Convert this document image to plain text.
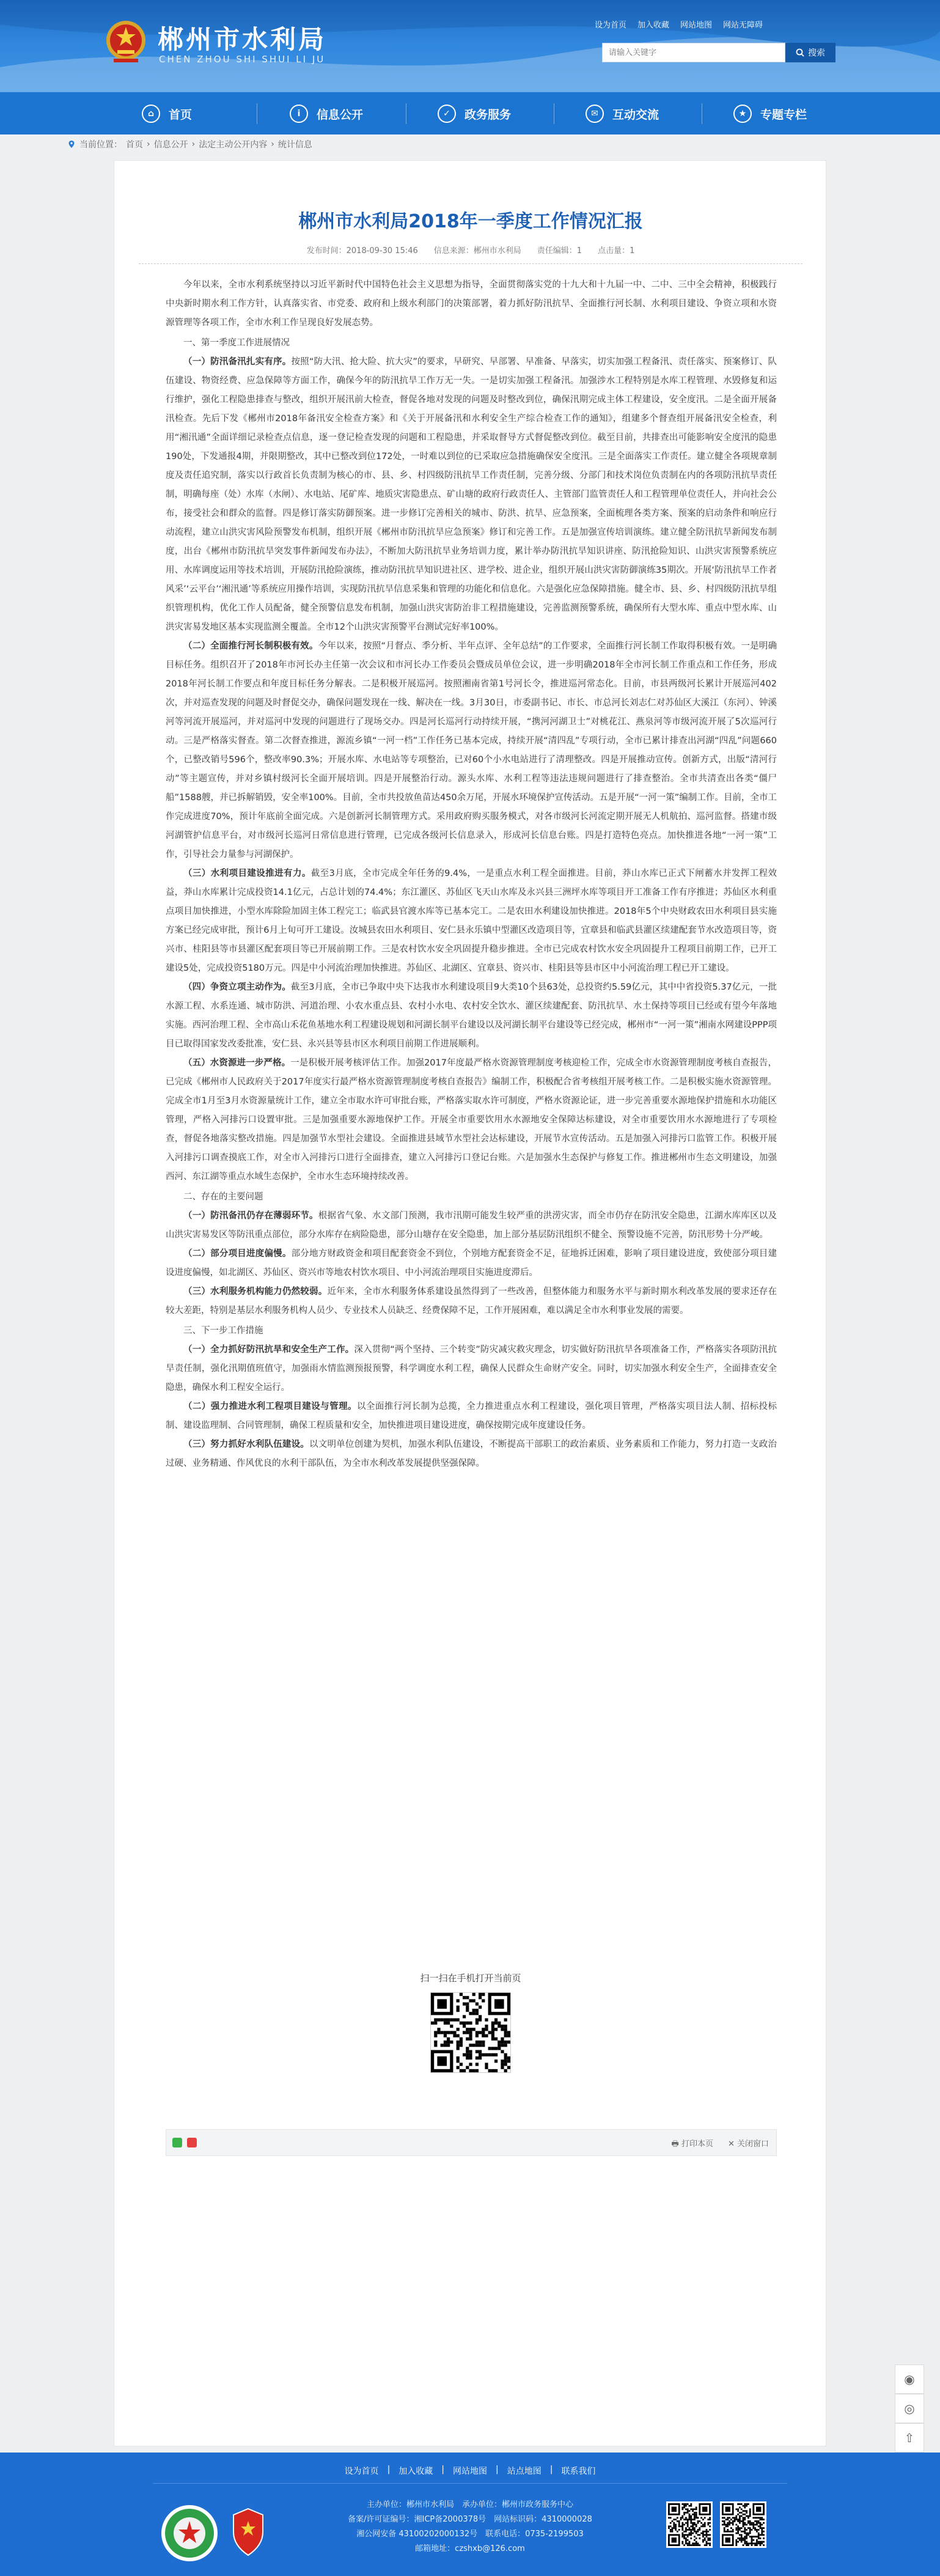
郴州市水利局
CHEN ZHOU SHI SHUI LI JU
设为首页 加入收藏 网站地图 网站无障碍
请输入关键字
搜索
⌂	首页	i	信息公开	✓	政务服务	✉	互动交流	★	专题专栏
当前位置： 首页 › 信息公开 › 法定主动公开内容 › 统计信息
郴州市水利局2018年一季度工作情况汇报
发布时间：2018-09-30 15:46 信息来源：郴州市水利局 责任编辑：1 点击量：1

今年以来，全市水利系统坚持以习近平新时代中国特色社会主义思想为指导，全面贯彻落实党的十九大和十九届一中、二中、三中全会精神，积极践行中央新时期水利工作方针，认真落实省、市党委、政府和上级水利部门的决策部署，着力抓好防汛抗旱、全面推行河长制、水利项目建设、争资立项和水资源管理等各项工作，全市水利工作呈现良好发展态势。

一、第一季度工作进展情况

（一）防汛备汛扎实有序。按照“防大汛、抢大险、抗大灾”的要求，早研究、早部署、早准备、早落实，切实加强工程备汛、责任落实、预案修订、队伍建设、物资经费、应急保障等方面工作，确保今年的防汛抗旱工作万无一失。一是切实加强工程备汛。加强涉水工程特别是水库工程管理、水毁修复和运行维护，强化工程隐患排查与整改，组织开展汛前大检查，督促各地对发现的问题及时整改到位，确保汛期完成主体工程建设，安全度汛。二是全面开展备汛检查。先后下发《郴州市2018年备汛安全检查方案》和《关于开展备汛和水利安全生产综合检查工作的通知》，组建多个督查组开展备汛安全检查，利用“湘汛通”全面详细记录检查点信息，逐一登记检查发现的问题和工程隐患，并采取督导方式督促整改到位。截至目前，共排查出可能影响安全度汛的隐患190处，下发通报4期，并限期整改，其中已整改到位172处，一时难以到位的已采取应急措施确保安全度汛。三是全面落实工作责任。建立健全各项规章制度及责任追究制，落实以行政首长负责制为核心的市、县、乡、村四级防汛抗旱工作责任制，完善分级、分部门和技术岗位负责制在内的各项防汛抗旱责任制，明确每座（处）水库（水闸）、水电站、尾矿库、地质灾害隐患点、矿山塘的政府行政责任人、主管部门监管责任人和工程管理单位责任人，并向社会公布，接受社会和群众的监督。四是修订落实防御预案。进一步修订完善相关的城市、防洪、抗旱、应急预案，全面梳理各类方案、预案的启动条件和响应行动流程，建立山洪灾害风险预警发布机制，组织开展《郴州市防汛抗旱应急预案》修订和完善工作。五是加强宣传培训演练。建立健全防汛抗旱新闻发布制度，出台《郴州市防汛抗旱突发事件新闻发布办法》，不断加大防汛抗旱业务培训力度，累计举办防汛抗旱知识讲座、防汛抢险知识、山洪灾害预警系统应用、水库调度运用等技术培训，开展防汛抢险演练，推动防汛抗旱知识进社区、进学校、进企业，组织开展山洪灾害防御演练35期次。开展‘防汛抗旱工作者风采’‘云平台’‘湘汛通’等系统应用操作培训，实现防汛抗旱信息采集和管理的功能化和信息化。六是强化应急保障措施。健全市、县、乡、村四级防汛抗旱组织管理机构，优化工作人员配备，健全预警信息发布机制，加强山洪灾害防治非工程措施建设，完善监测预警系统，确保所有大型水库、重点中型水库、山洪灾害易发地区基本实现监测全覆盖。全市12个山洪灾害预警平台测试完好率100%。

（二）全面推行河长制积极有效。今年以来，按照“月督点、季分析、半年点评、全年总结”的工作要求，全面推行河长制工作取得积极有效。一是明确目标任务。组织召开了2018年市河长办主任第一次会议和市河长办工作委员会暨成员单位会议，进一步明确2018年全市河长制工作重点和工作任务，形成2018年河长制工作要点和年度目标任务分解表。二是积极开展巡河。按照湘南省第1号河长令，推进巡河常态化。目前，市县两级河长累计开展巡河402次，并对巡查发现的问题及时督促交办，确保问题发现在一线、解决在一线。3月30日，市委副书记、市长、市总河长刘志仁对苏仙区大溪江（东河）、钟溪河等河流开展巡河，并对巡河中发现的问题进行了现场交办。四是河长巡河行动持续开展，“携河河湖卫士”对桃花江、燕泉河等市级河流开展了5次巡河行动。三是严格落实督查。第二次督查推进，源流乡镇“一河一档”工作任务已基本完成，持续开展“清四乱”专项行动，全市已累计排查出河湖“四乱”问题660个，已整改销号596个，整改率90.3%；开展水库、水电站等专项整治，已对60个小水电站进行了清理整改。四是开展推动宣传。创新方式，出版“清河行动”等主题宣传，并对乡镇村级河长全面开展培训。四是开展整治行动。源头水库、水利工程等违法违规问题进行了排查整治。全市共清查出各类“僵尸船”1588艘，并已拆解销毁，安全率100%。目前，全市共投放鱼苗达450余万尾，开展水环境保护宣传活动。五是开展“一河一策”编制工作。目前，全市工作完成进度70%，预计年底前全面完成。六是创新河长制管理方式。采用政府购买服务模式，对各市级河长河流定期开展无人机航拍、巡河监督。搭建市级河湖管护信息平台，对市级河长巡河日常信息进行管理，已完成各级河长信息录入，形成河长信息台账。四是打造特色亮点。加快推进各地“一河一策”工作，引导社会力量参与河湖保护。

（三）水利项目建设推进有力。截至3月底，全市完成全年任务的9.4%，一是重点水利工程全面推进。目前，莽山水库已正式下闸蓄水并发挥工程效益，莽山水库累计完成投资14.1亿元，占总计划的74.4%；东江灌区、苏仙区飞天山水库及永兴县三洲坪水库等项目开工准备工作有序推进；苏仙区水利重点项目加快推进，小型水库除险加固主体工程完工；临武县官渡水库等已基本完工。二是农田水利建设加快推进。2018年5个中央财政农田水利项目县实施方案已经完成审批，预计6月上旬可开工建设。汝城县农田水利项目、安仁县永乐镇中型灌区改造项目等，宜章县和临武县灌区续建配套节水改造项目等，资兴市、桂阳县等市县灌区配套项目等已开展前期工作。三是农村饮水安全巩固提升稳步推进。全市已完成农村饮水安全巩固提升工程项目前期工作，已开工建设5处，完成投资5180万元。四是中小河流治理加快推进。苏仙区、北湖区、宜章县、资兴市、桂阳县等县市区中小河流治理工程已开工建设。

（四）争资立项主动作为。截至3月底，全市已争取中央下达我市水利建设项目9大类10个县63处，总投资约5.59亿元，其中中省投资5.37亿元，一批水源工程、水系连通、城市防洪、河道治理、小农水重点县、农村小水电、农村安全饮水、灌区续建配套、防汛抗旱、水土保持等项目已经或有望今年落地实施。西河治理工程、全市高山禾花鱼基地水利工程建设规划和河湖长制平台建设以及河湖长制平台建设等已经完成，郴州市“一河一策”湘南水网建设PPP项目已取得国家发改委批准，安仁县、永兴县等县市区水利项目前期工作进展顺利。

（五）水资源进一步严格。一是积极开展考核评估工作。加强2017年度最严格水资源管理制度考核迎检工作，完成全市水资源管理制度考核自查报告，已完成《郴州市人民政府关于2017年度实行最严格水资源管理制度考核自查报告》编制工作，积极配合省考核组开展考核工作。二是积极实施水资源管理。完成全市1月至3月水资源量统计工作，建立全市取水许可审批台账，严格落实取水许可制度，严格水资源论证，进一步完善重要水源地保护措施和水功能区管理，严格入河排污口设置审批。三是加强重要水源地保护工作。开展全市重要饮用水水源地安全保障达标建设，对全市重要饮用水水源地进行了专项检查，督促各地落实整改措施。四是加强节水型社会建设。全面推进县域节水型社会达标建设，开展节水宣传活动。五是加强入河排污口监管工作。积极开展入河排污口调查摸底工作，对全市入河排污口进行全面排查，建立入河排污口登记台账。六是加强水生态保护与修复工作。推进郴州市生态文明建设，加强西河、东江湖等重点水域生态保护，全市水生态环境持续改善。

二、存在的主要问题

（一）防汛备汛仍存在薄弱环节。根据省气象、水文部门预测，我市汛期可能发生较严重的洪涝灾害，而全市仍存在防汛安全隐患，江湖水库库区以及山洪灾害易发区等防汛重点部位，部分水库存在病险隐患，部分山塘存在安全隐患，加上部分基层防汛组织不健全、预警设施不完善，防汛形势十分严峻。

（二）部分项目进度偏慢。部分地方财政资金和项目配套资金不到位，个别地方配套资金不足，征地拆迁困难，影响了项目建设进度，致使部分项目建设进度偏慢，如北湖区、苏仙区、资兴市等地农村饮水项目、中小河流治理项目实施进度滞后。

（三）水利服务机构能力仍然较弱。近年来，全市水利服务体系建设虽然得到了一些改善，但整体能力和服务水平与新时期水利改革发展的要求还存在较大差距，特别是基层水利服务机构人员少、专业技术人员缺乏、经费保障不足，工作开展困难，难以满足全市水利事业发展的需要。

三、下一步工作措施

（一）全力抓好防汛抗旱和安全生产工作。深入贯彻“两个坚持、三个转变”防灾减灾救灾理念，切实做好防汛抗旱各项准备工作，严格落实各项防汛抗旱责任制，强化汛期值班值守，加强雨水情监测预报预警，科学调度水利工程，确保人民群众生命财产安全。同时，切实加强水利安全生产，全面排查安全隐患，确保水利工程安全运行。

（二）强力推进水利工程项目建设与管理。以全面推行河长制为总揽，全力推进重点水利工程建设，强化项目管理，严格落实项目法人制、招标投标制、建设监理制、合同管理制，确保工程质量和安全，加快推进项目建设进度，确保按期完成年度建设任务。

（三）努力抓好水利队伍建设。以文明单位创建为契机，加强水利队伍建设，不断提高干部职工的政治素质、业务素质和工作能力，努力打造一支政治过硬、业务精通、作风优良的水利干部队伍，为全市水利改革发展提供坚强保障。

扫一扫在手机打开当前页
🖶 打印本页 ✕ 关闭窗口
◉
◎
⇧
设为首页 | 加入收藏 | 网站地图 | 站点地图 | 联系我们
主办单位：郴州市水利局　承办单位：郴州市政务服务中心
备案/许可证编号：湘ICP备2000378号　网站标识码：4310000028
湘公网安备 43100202000132号　联系电话：0735-2199503
邮箱地址：czshxb@126.com
